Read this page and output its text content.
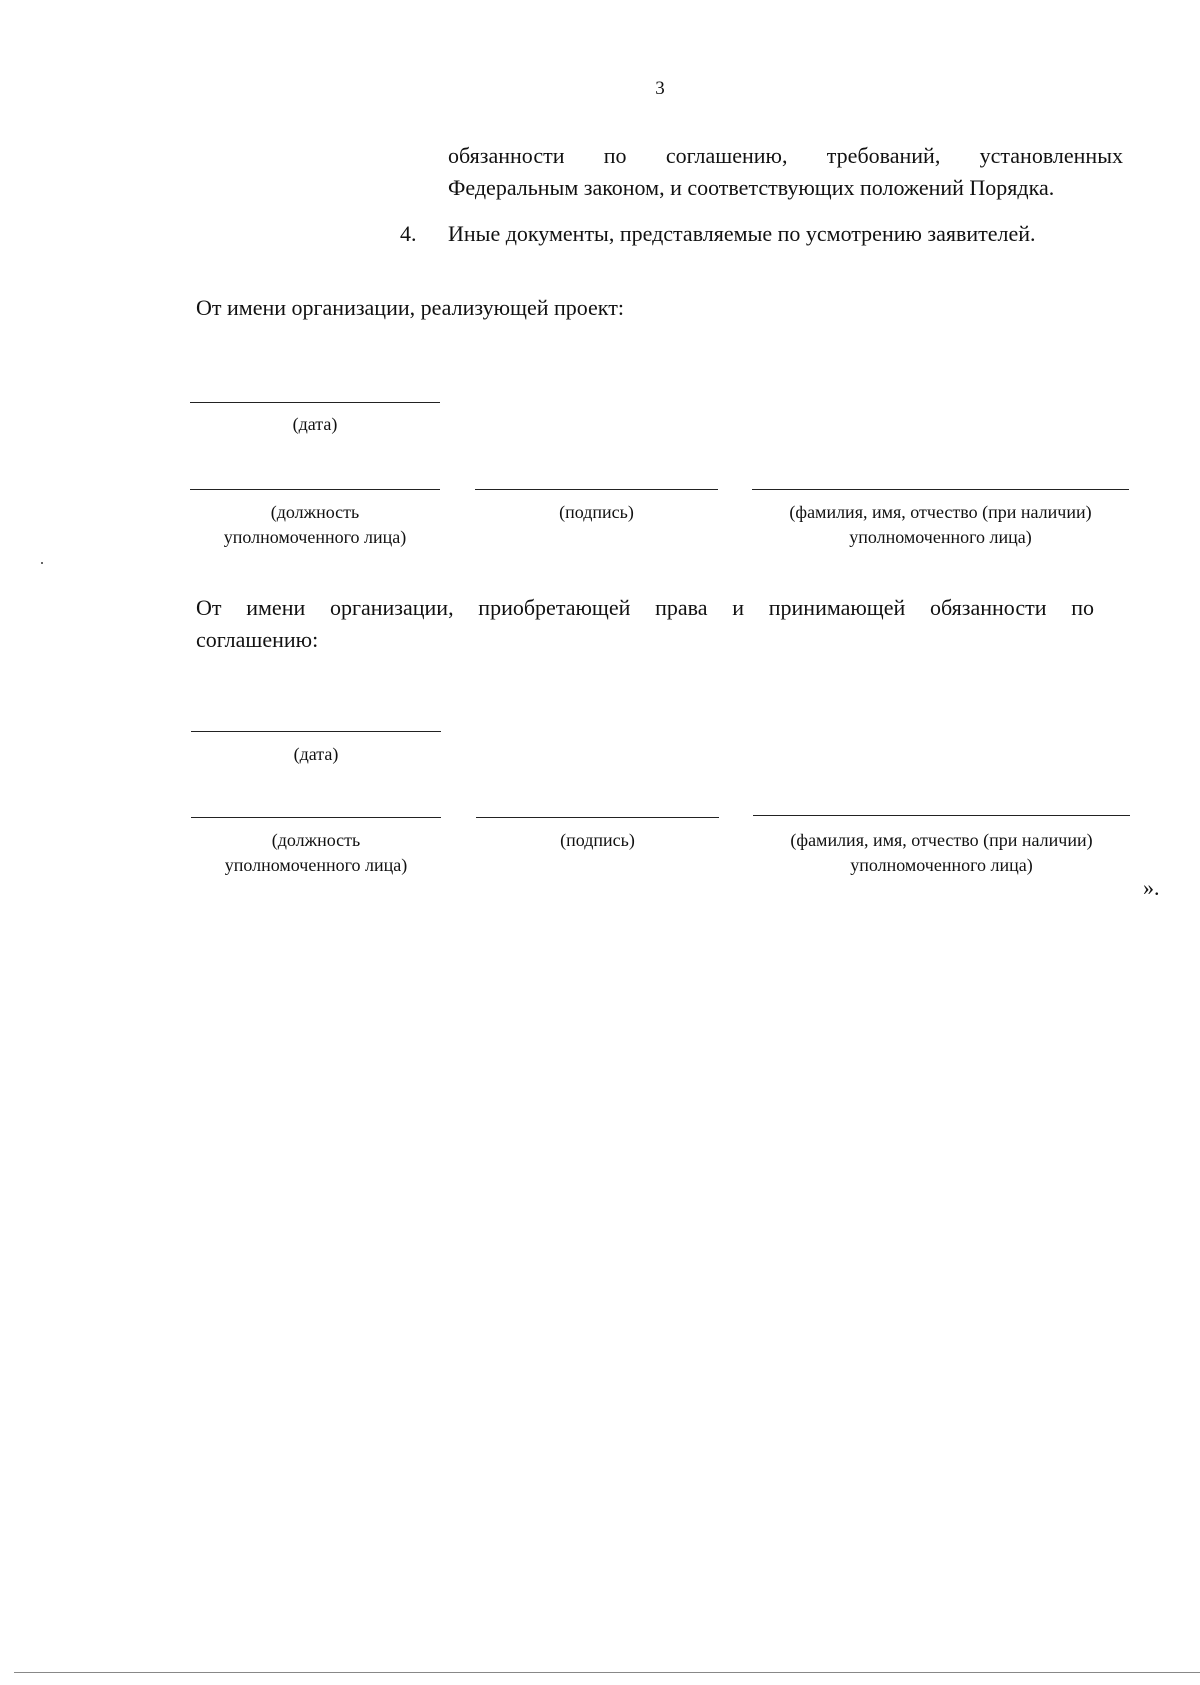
3
обязанности по соглашению, требований, установленных
Федеральным законом, и соответствующих положений Порядка.
4. Иные документы, представляемые по усмотрению заявителей.
От имени организации, реализующей проект:
(дата)
(должность
уполномоченного лица)
(подпись)	(фамилия, имя, отчество (при наличии)
уполномоченного лица)
От имени организации, приобретающей права и принимающей обязанности по
соглашению:
(дата)
(должность
уполномоченного лица)
(подпись)	(фамилия, имя, отчество (при наличии)
уполномоченного лица)
».
